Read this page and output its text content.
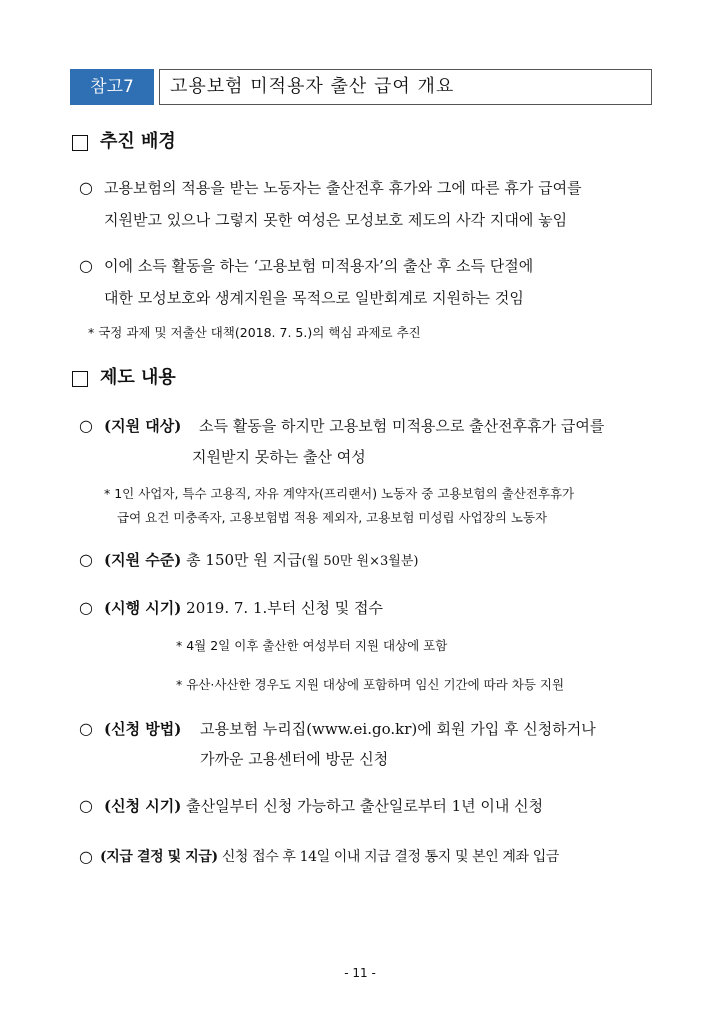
참고7	고용보험 미적용자 출산 급여 개요
추진 배경
○ 고용보험의 적용을 받는 노동자는 출산전후 휴가와 그에 따른 휴가 급여를
지원받고 있으나 그렇지 못한 여성은 모성보호 제도의 사각 지대에 놓임
○ 이에 소득 활동을 하는 ‘고용보험 미적용자’의 출산 후 소득 단절에
대한 모성보호와 생계지원을 목적으로 일반회계로 지원하는 것임
* 국정 과제 및 저출산 대책(2018. 7. 5.)의 핵심 과제로 추진
제도 내용
○ (지원 대상) 소득 활동을 하지만 고용보험 미적용으로 출산전후휴가 급여를
지원받지 못하는 출산 여성
* 1인 사업자, 특수 고용직, 자유 계약자(프리랜서) 노동자 중 고용보험의 출산전후휴가
급여 요건 미충족자, 고용보험법 적용 제외자, 고용보험 미성립 사업장의 노동자
○ (지원 수준) 총 150만 원 지급(월 50만 원×3월분)
○ (시행 시기) 2019. 7. 1.부터 신청 및 접수
* 4월 2일 이후 출산한 여성부터 지원 대상에 포함
* 유산·사산한 경우도 지원 대상에 포함하며 임신 기간에 따라 차등 지원
○ (신청 방법) 고용보험 누리집(www.ei.go.kr)에 회원 가입 후 신청하거나
가까운 고용센터에 방문 신청
○ (신청 시기) 출산일부터 신청 가능하고 출산일로부터 1년 이내 신청
○ (지급 결정 및 지급) 신청 접수 후 14일 이내 지급 결정 통지 및 본인 계좌 입금
- 11 -
